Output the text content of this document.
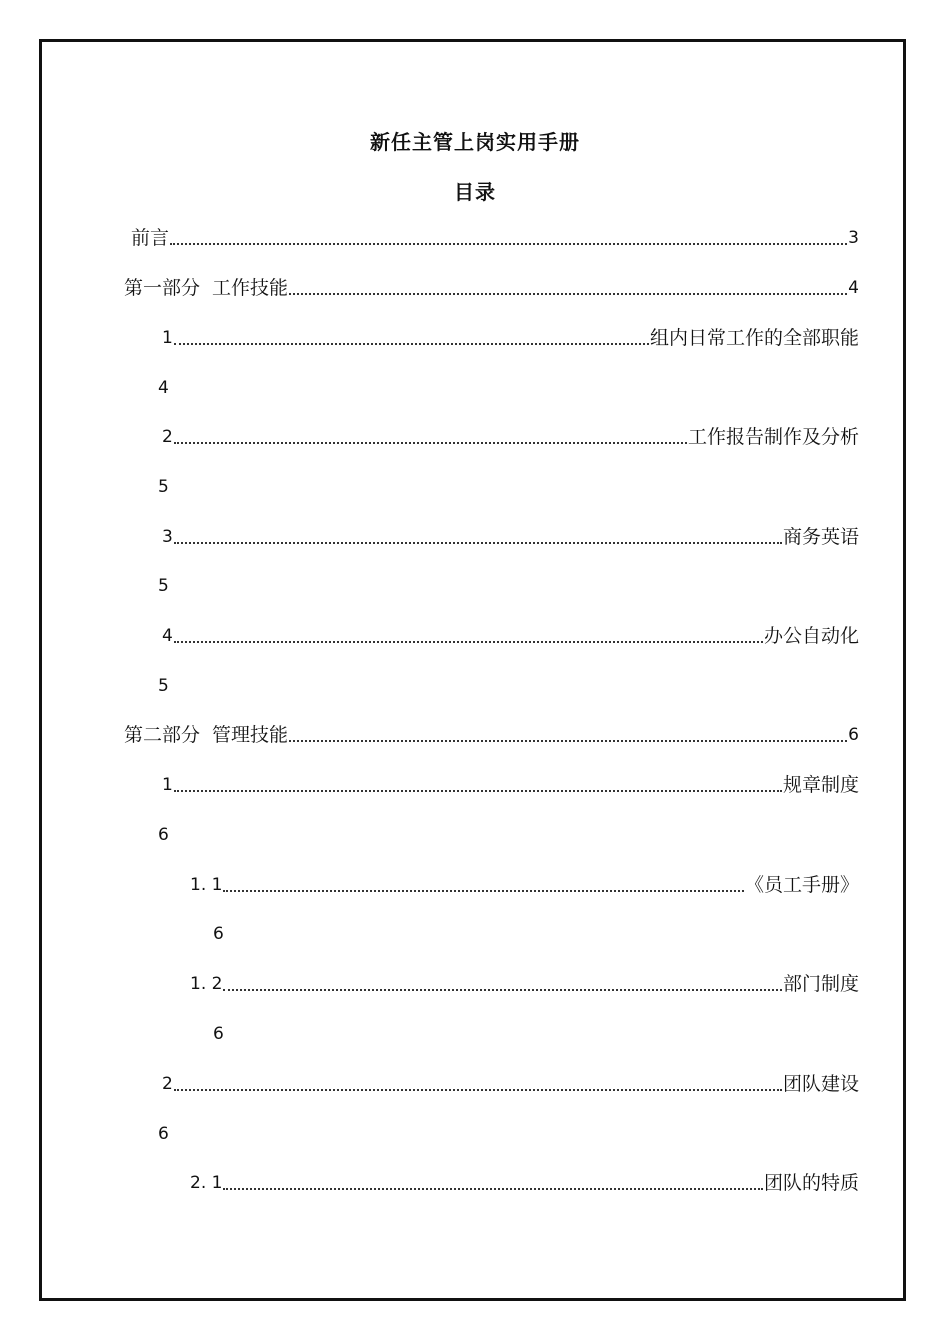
新任主管上岗实用手册
目录
前言	3
第一部分 工作技能	4
1	组内日常工作的全部职能
4
2	工作报告制作及分析
5
3	商务英语
5
4	办公自动化
5
第二部分 管理技能	6
1	规章制度
6
1. 1	《员工手册》
6
1. 2	部门制度
6
2	团队建设
6
2. 1	团队的特质
